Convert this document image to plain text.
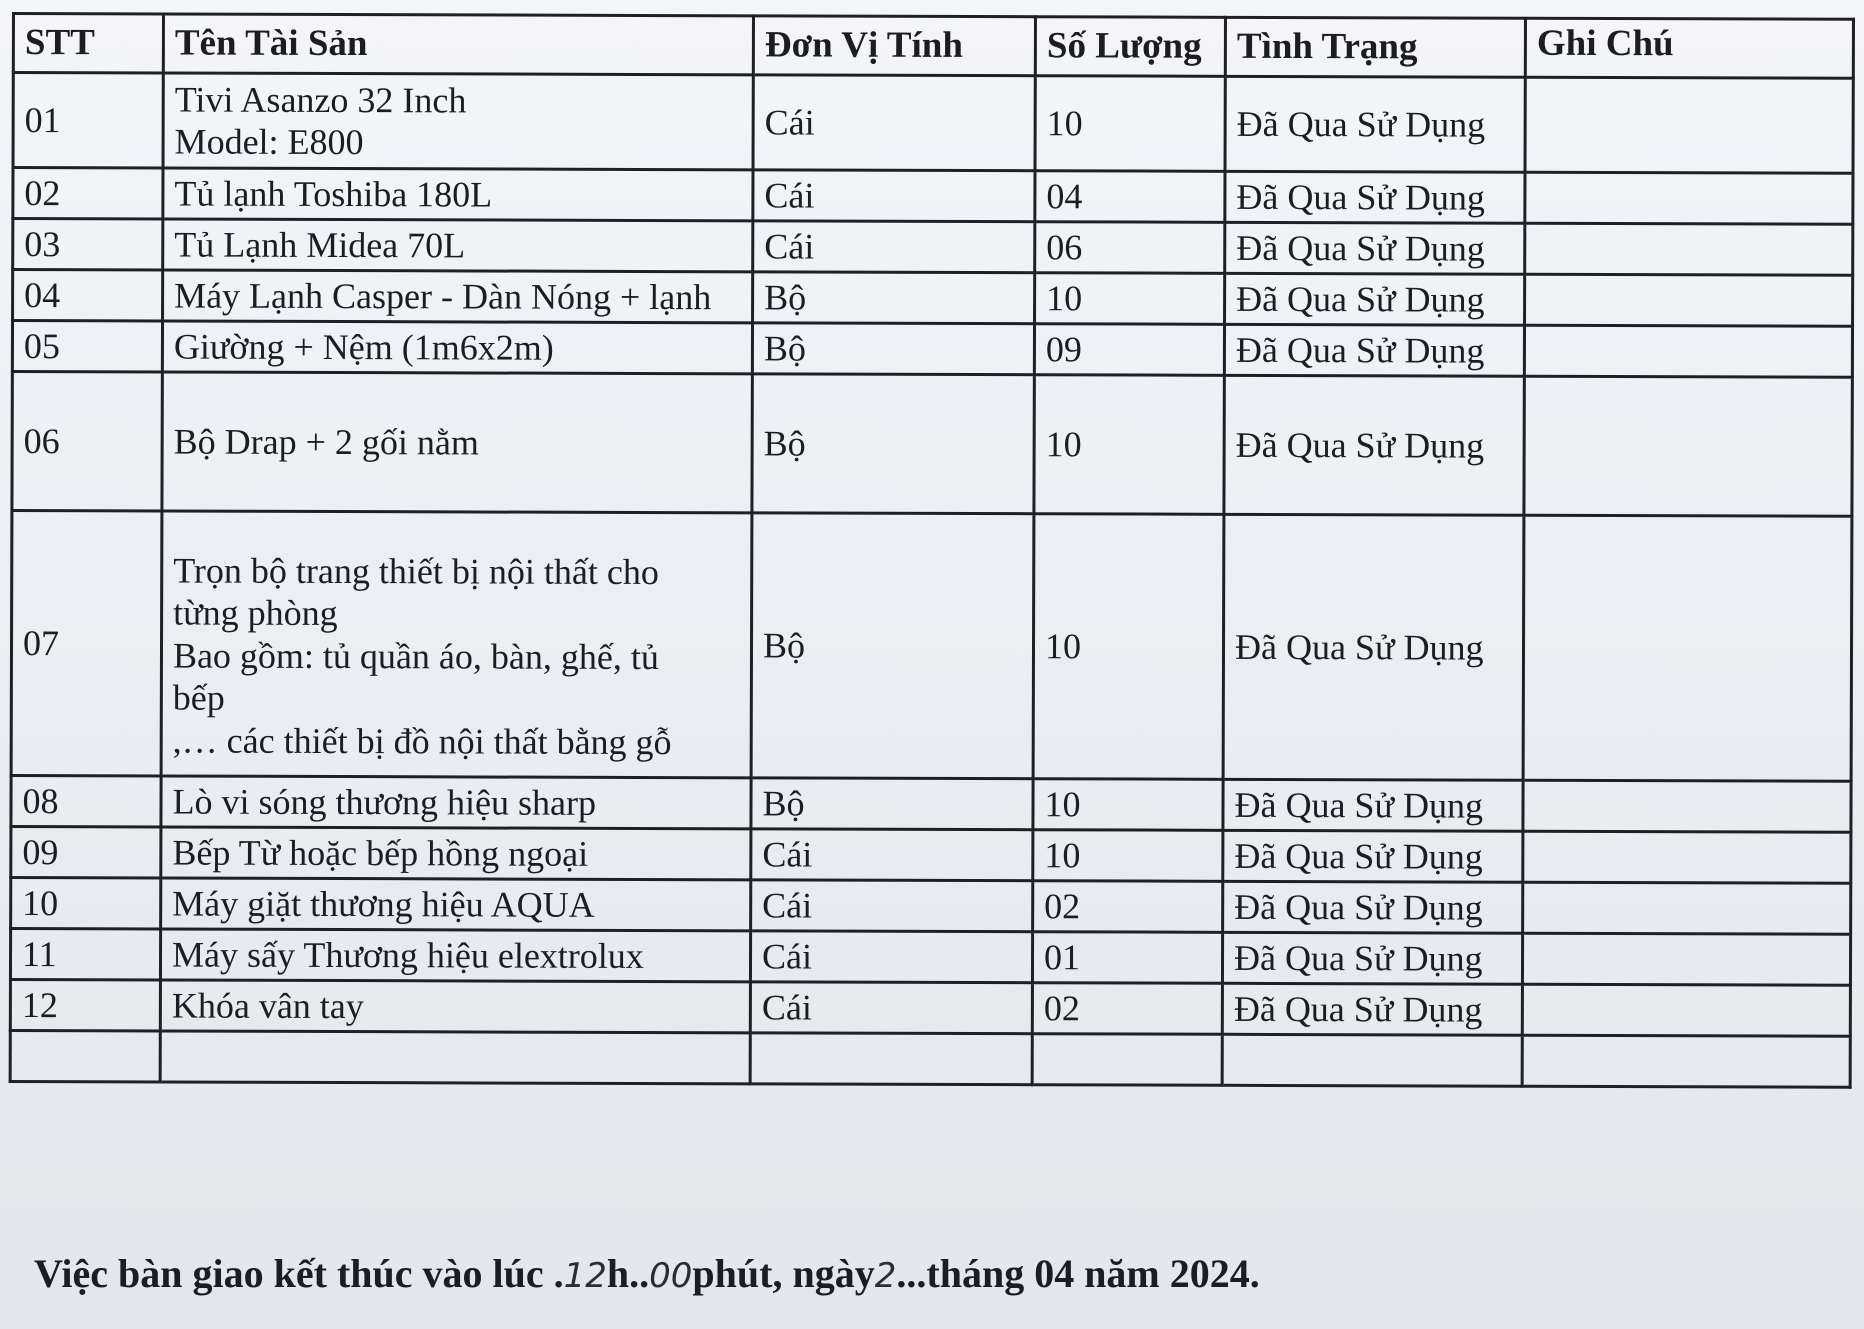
STT	Tên Tài Sản	Đơn Vị Tính	Số Lượng	Tình Trạng	Ghi Chú
01	Tivi Asanzo 32 Inch
Model: E800	Cái	10	Đã Qua Sử Dụng	
02	Tủ lạnh Toshiba 180L	Cái	04	Đã Qua Sử Dụng	
03	Tủ Lạnh Midea 70L	Cái	06	Đã Qua Sử Dụng	
04	Máy Lạnh Casper - Dàn Nóng + lạnh	Bộ	10	Đã Qua Sử Dụng	
05	Giường + Nệm (1m6x2m)	Bộ	09	Đã Qua Sử Dụng	
06	Bộ Drap + 2 gối nằm	Bộ	10	Đã Qua Sử Dụng	
07	Trọn bộ trang thiết bị nội thất cho
từng phòng
Bao gồm: tủ quần áo, bàn, ghế, tủ
bếp
,… các thiết bị đồ nội thất bằng gỗ	Bộ	10	Đã Qua Sử Dụng	
08	Lò vi sóng thương hiệu sharp	Bộ	10	Đã Qua Sử Dụng	
09	Bếp Từ hoặc bếp hồng ngoại	Cái	10	Đã Qua Sử Dụng	
10	Máy giặt thương hiệu AQUA	Cái	02	Đã Qua Sử Dụng	
11	Máy sấy Thương hiệu elextrolux	Cái	01	Đã Qua Sử Dụng	
12	Khóa vân tay	Cái	02	Đã Qua Sử Dụng	

Việc bàn giao kết thúc vào lúc .12h..00phút, ngày2...tháng 04 năm 2024.
